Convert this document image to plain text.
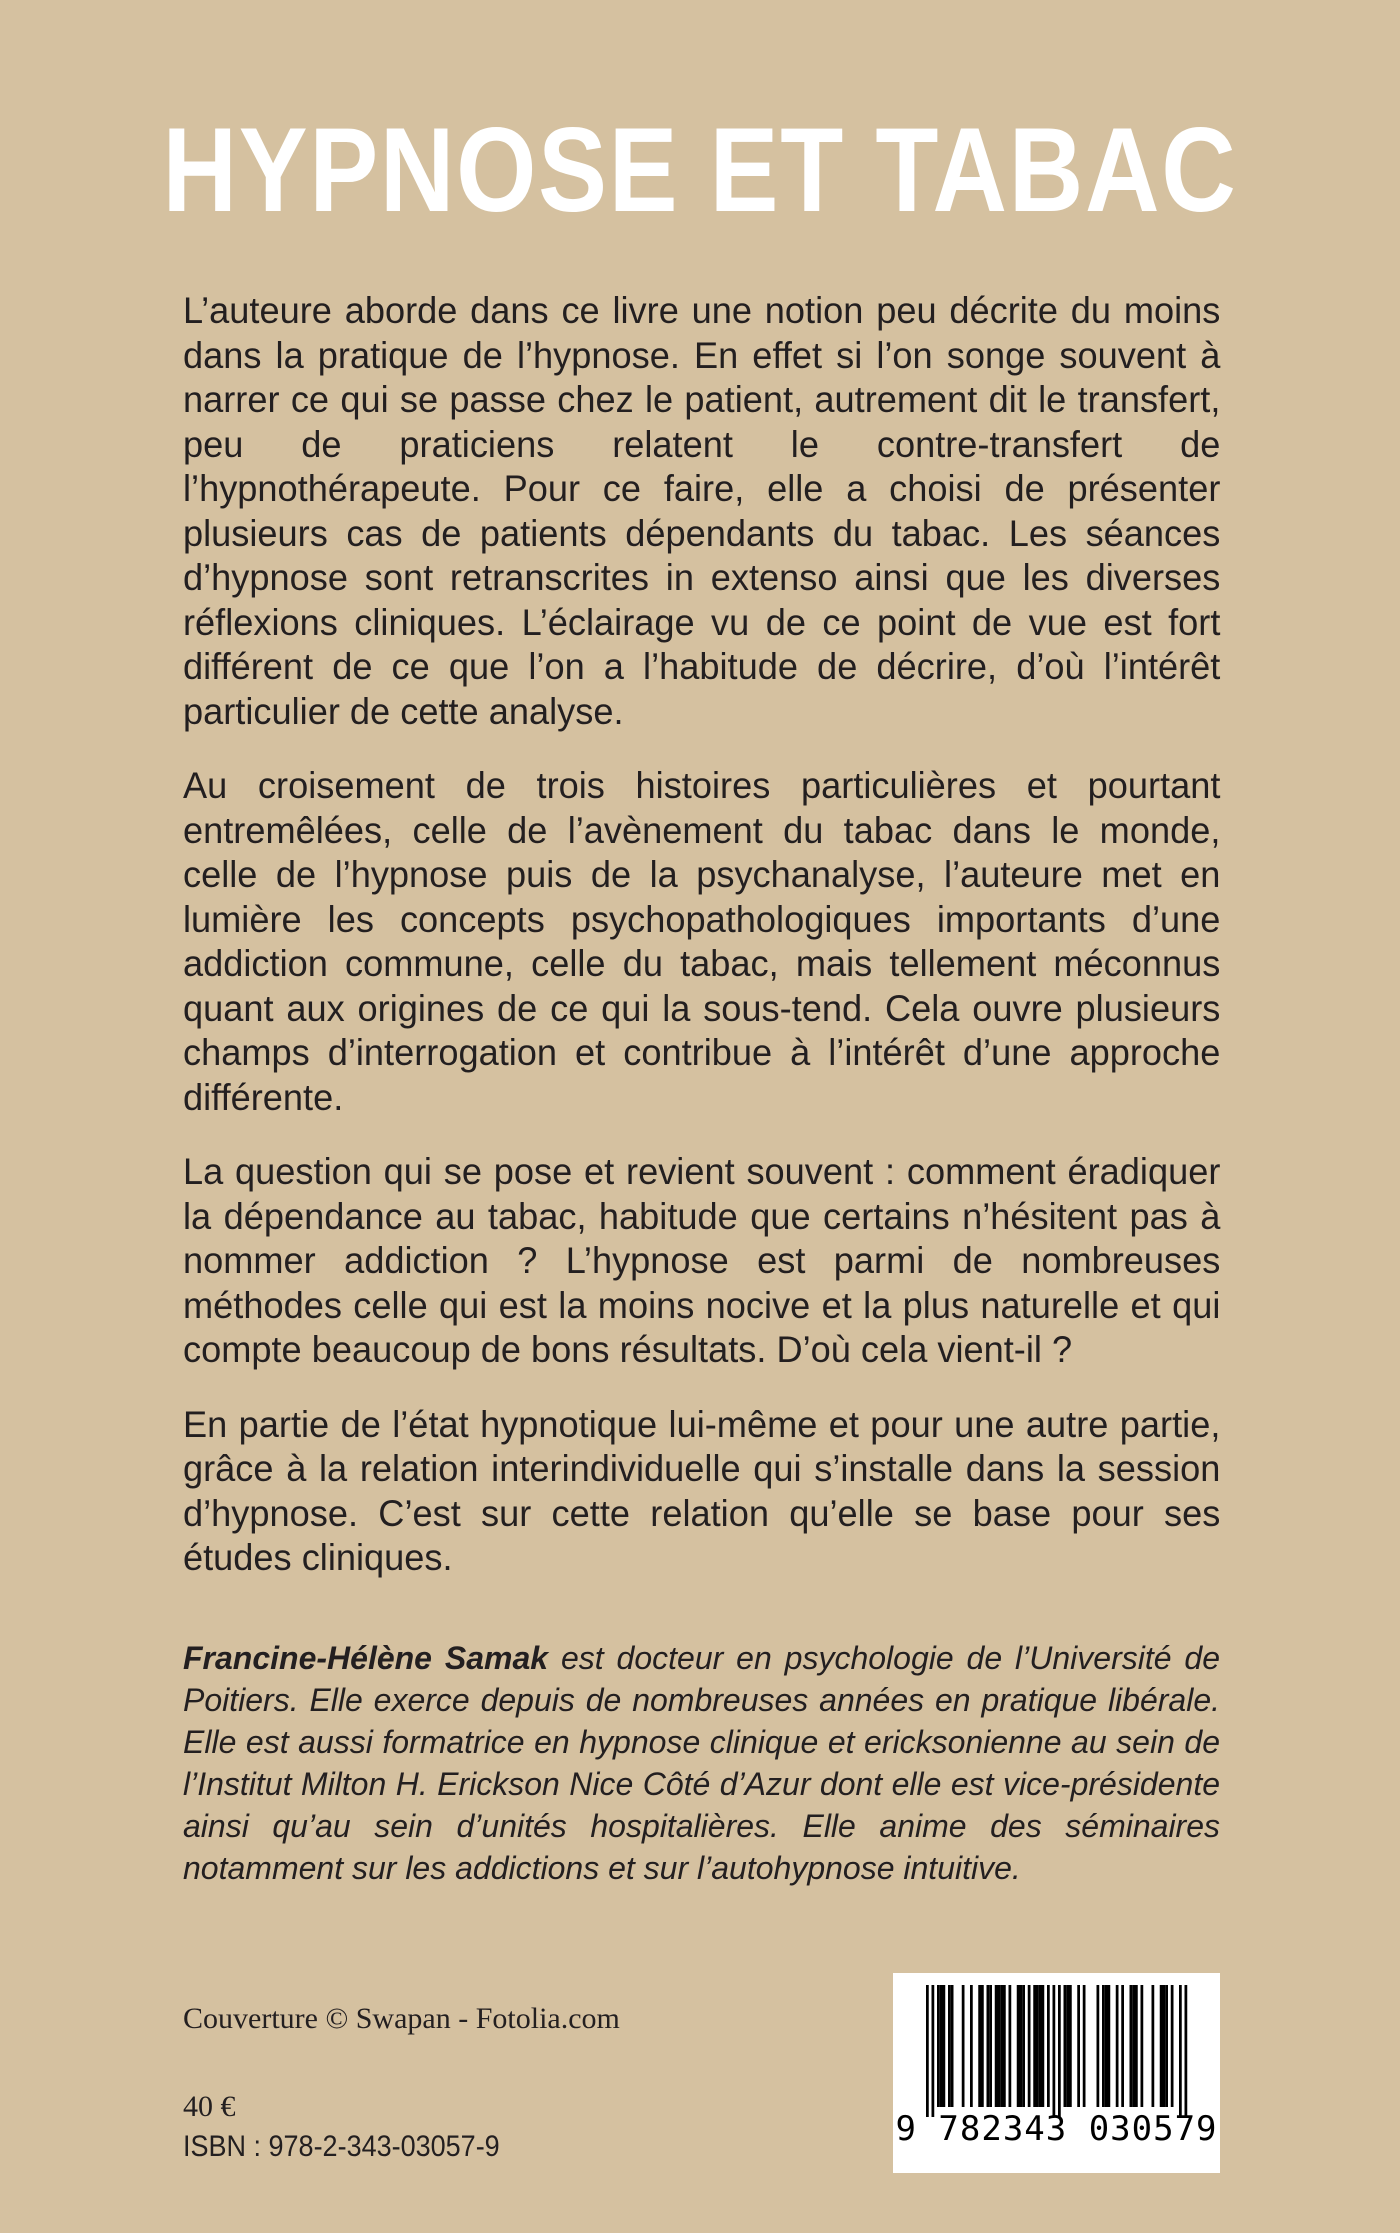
HYPNOSE ET TABAC

L’auteure aborde dans ce livre une notion peu décrite du moins dans la pratique de l’hypnose. En effet si l’on songe souvent à narrer ce qui se passe chez le patient, autrement dit le transfert, peu de praticiens relatent le contre-transfert de l’hypnothérapeute. Pour ce faire, elle a choisi de présenter plusieurs cas de patients dépendants du tabac. Les séances d’hypnose sont retranscrites in extenso ainsi que les diverses réflexions cliniques. L’éclairage vu de ce point de vue est fort différent de ce que l’on a l’habitude de décrire, d’où l’intérêt particulier de cette analyse.

Au croisement de trois histoires particulières et pourtant entremêlées, celle de l’avènement du tabac dans le monde, celle de l’hypnose puis de la psychanalyse, l’auteure met en lumière les concepts psychopathologiques importants d’une addiction commune, celle du tabac, mais tellement méconnus quant aux origines de ce qui la sous-tend. Cela ouvre plusieurs champs d’interrogation et contribue à l’intérêt d’une approche différente.

La question qui se pose et revient souvent : comment éradiquer la dépendance au tabac, habitude que certains n’hésitent pas à nommer addiction ? L’hypnose est parmi de nombreuses méthodes celle qui est la moins nocive et la plus naturelle et qui compte beaucoup de bons résultats. D’où cela vient-il ?

En partie de l’état hypnotique lui-même et pour une autre partie, grâce à la relation interindividuelle qui s’installe dans la session d’hypnose. C’est sur cette relation qu’elle se base pour ses études cliniques.

Francine-Hélène Samak est docteur en psychologie de l’Université de Poitiers. Elle exerce depuis de nombreuses années en pratique libérale. Elle est aussi formatrice en hypnose clinique et ericksonienne au sein de l’Institut Milton H. Erickson Nice Côté d’Azur dont elle est vice-présidente ainsi qu’au sein d’unités hospitalières. Elle anime des séminaires notamment sur les addictions et sur l’autohypnose intuitive.

Couverture © Swapan - Fotolia.com
40 €
ISBN : 978-2-343-03057-9	9 782343 030579
